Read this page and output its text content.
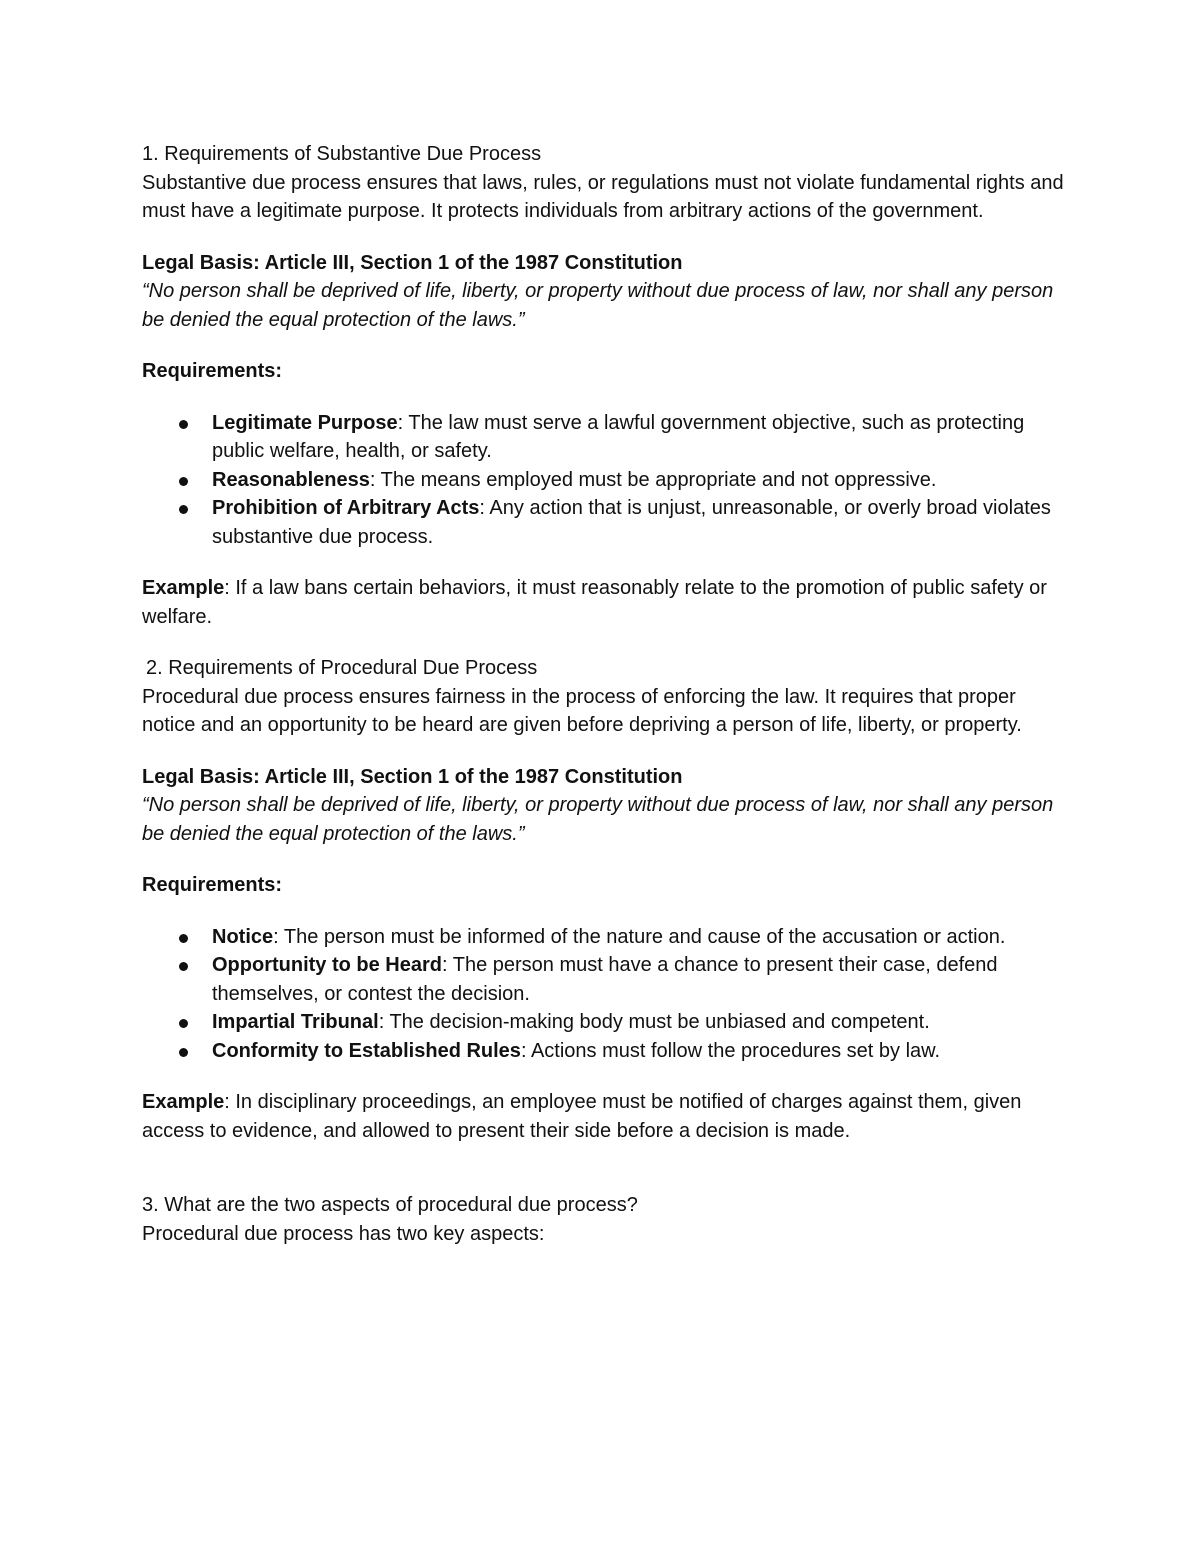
1. Requirements of Substantive Due Process

Substantive due process ensures that laws, rules, or regulations must not violate fundamental rights and must have a legitimate purpose. It protects individuals from arbitrary actions of the government.

Legal Basis: Article III, Section 1 of the 1987 Constitution

“No person shall be deprived of life, liberty, or property without due process of law, nor shall any person be denied the equal protection of the laws.”

Requirements:

Legitimate Purpose: The law must serve a lawful government objective, such as protecting public welfare, health, or safety.
Reasonableness: The means employed must be appropriate and not oppressive.
Prohibition of Arbitrary Acts: Any action that is unjust, unreasonable, or overly broad violates substantive due process.

Example: If a law bans certain behaviors, it must reasonably relate to the promotion of public safety or welfare.

2. Requirements of Procedural Due Process

Procedural due process ensures fairness in the process of enforcing the law. It requires that proper notice and an opportunity to be heard are given before depriving a person of life, liberty, or property.

Legal Basis: Article III, Section 1 of the 1987 Constitution

“No person shall be deprived of life, liberty, or property without due process of law, nor shall any person be denied the equal protection of the laws.”

Requirements:

Notice: The person must be informed of the nature and cause of the accusation or action.
Opportunity to be Heard: The person must have a chance to present their case, defend themselves, or contest the decision.
Impartial Tribunal: The decision-making body must be unbiased and competent.
Conformity to Established Rules: Actions must follow the procedures set by law.

Example: In disciplinary proceedings, an employee must be notified of charges against them, given access to evidence, and allowed to present their side before a decision is made.

3. What are the two aspects of procedural due process?

Procedural due process has two key aspects:
